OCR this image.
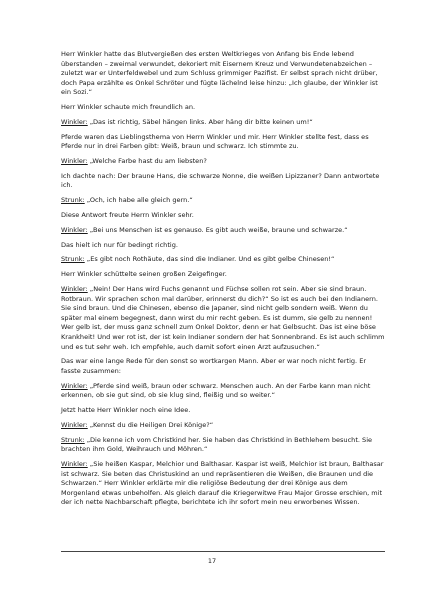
Herr Winkler hatte das Blutvergießen des ersten Weltkrieges von Anfang bis Ende lebend überstanden – zweimal verwundet, dekoriert mit Eisernem Kreuz und Verwundetenabzeichen – zuletzt war er Unterfeldwebel und zum Schluss grimmiger Pazifist. Er selbst sprach nicht drüber, doch Papa erzählte es Onkel Schröter und fügte lächelnd leise hinzu: „Ich glaube, der Winkler ist ein Sozi.“

Herr Winkler schaute mich freundlich an.

Winkler: „Das ist richtig, Säbel hängen links. Aber häng dir bitte keinen um!“

Pferde waren das Lieblingsthema von Herrn Winkler und mir. Herr Winkler stellte fest, dass es Pferde nur in drei Farben gibt: Weiß, braun und schwarz. Ich stimmte zu.

Winkler: „Welche Farbe hast du am liebsten?

Ich dachte nach: Der braune Hans, die schwarze Nonne, die weißen Lipizzaner? Dann antwortete ich.

Strunk: „Och, ich habe alle gleich gern.“

Diese Antwort freute Herrn Winkler sehr.

Winkler: „Bei uns Menschen ist es genauso. Es gibt auch weiße, braune und schwarze.“

Das hielt ich nur für bedingt richtig.

Strunk: „Es gibt noch Rothäute, das sind die Indianer. Und es gibt gelbe Chinesen!“

Herr Winkler schüttelte seinen großen Zeigefinger.

Winkler: „Nein! Der Hans wird Fuchs genannt und Füchse sollen rot sein. Aber sie sind braun. Rotbraun. Wir sprachen schon mal darüber, erinnerst du dich?“ So ist es auch bei den Indianern. Sie sind braun. Und die Chinesen, ebenso die Japaner, sind nicht gelb sondern weiß. Wenn du später mal einem begegnest, dann wirst du mir recht geben. Es ist dumm, sie gelb zu nennen! Wer gelb ist, der muss ganz schnell zum Onkel Doktor, denn er hat Gelbsucht. Das ist eine böse Krankheit! Und wer rot ist, der ist kein Indianer sondern der hat Sonnenbrand. Es ist auch schlimm und es tut sehr weh. Ich empfehle, auch damit sofort einen Arzt aufzusuchen.“

Das war eine lange Rede für den sonst so wortkargen Mann. Aber er war noch nicht fertig. Er fasste zusammen:

Winkler: „Pferde sind weiß, braun oder schwarz. Menschen auch. An der Farbe kann man nicht erkennen, ob sie gut sind, ob sie klug sind, fleißig und so weiter.“

Jetzt hatte Herr Winkler noch eine Idee.

Winkler: „Kennst du die Heiligen Drei Könige?“

Strunk: „Die kenne ich vom Christkind her. Sie haben das Christkind in Bethlehem besucht. Sie brachten ihm Gold, Weihrauch und Möhren.“

Winkler: „Sie heißen Kaspar, Melchior und Balthasar. Kaspar ist weiß, Melchior ist braun, Balthasar ist schwarz. Sie beten das Christuskind an und repräsentieren die Weißen, die Braunen und die Schwarzen.“ Herr Winkler erklärte mir die religiöse Bedeutung der drei Könige aus dem Morgenland etwas unbeholfen. Als gleich darauf die Kriegerwitwe Frau Major Grosse erschien, mit der ich nette Nachbarschaft pflegte, berichtete ich ihr sofort mein neu erworbenes Wissen.

17
